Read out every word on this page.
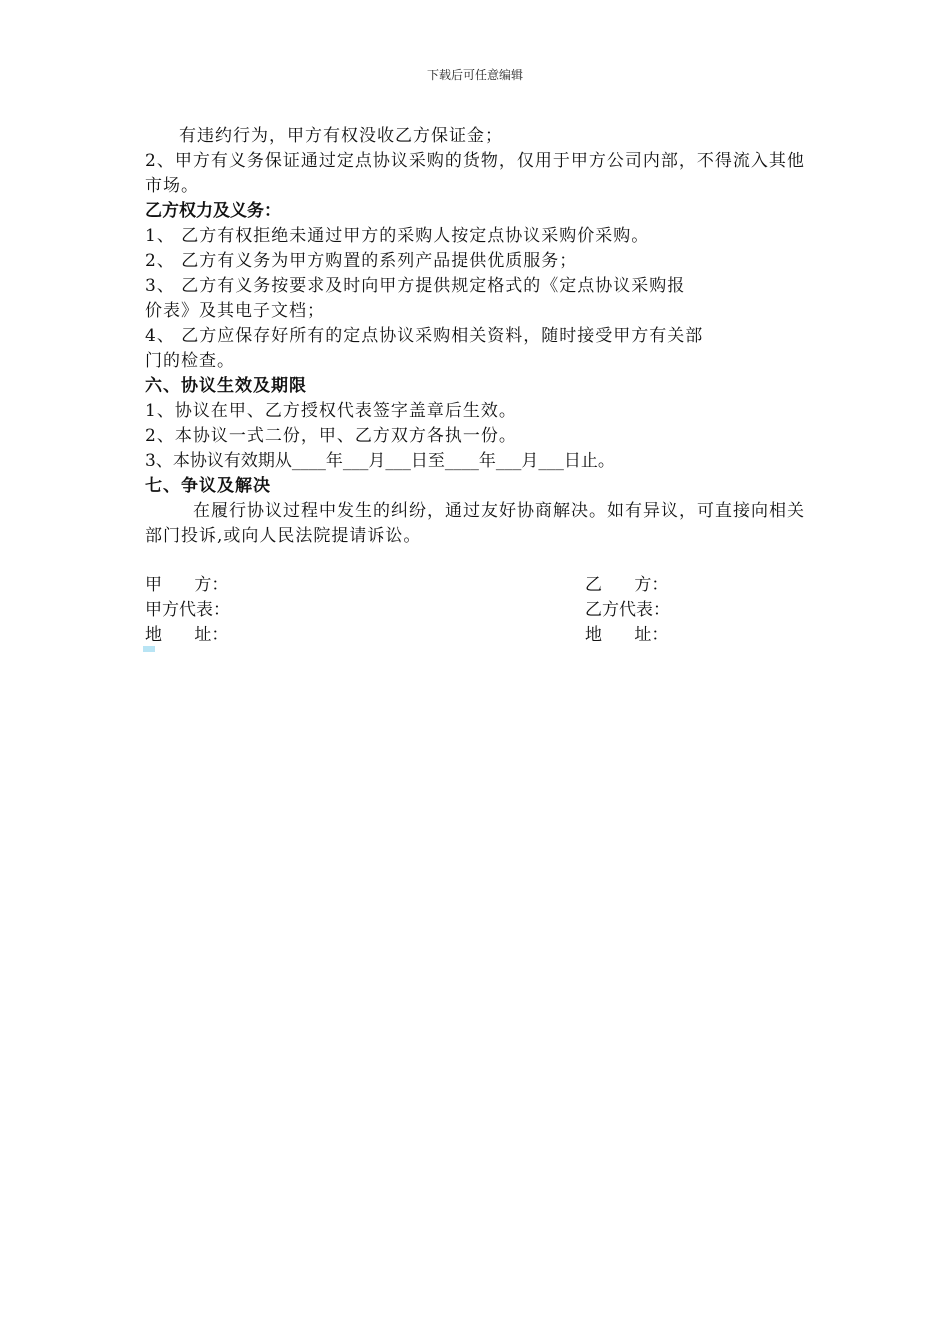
下载后可任意编辑
有违约行为，甲方有权没收乙方保证金；
2、甲方有义务保证通过定点协议采购的货物，仅用于甲方公司内部，不得流入其他市场。
乙方权力及义务：
1、 乙方有权拒绝未通过甲方的采购人按定点协议采购价采购。
2、 乙方有义务为甲方购置的系列产品提供优质服务；
3、 乙方有义务按要求及时向甲方提供规定格式的《定点协议采购报
价表》及其电子文档；
4、 乙方应保存好所有的定点协议采购相关资料，随时接受甲方有关部
门的检查。
六、协议生效及期限
1、协议在甲、乙方授权代表签字盖章后生效。
2、本协议一式二份，甲、乙方双方各执一份。
3、本协议有效期从____年___月___日至____年___月___日止。
七、争议及解决
在履行协议过程中发生的纠纷，通过友好协商解决。如有异议，可直接向相关部门投诉,或向人民法院提请诉讼。
甲      方：	乙      方：
甲方代表：	乙方代表：
地      址：	地      址：
